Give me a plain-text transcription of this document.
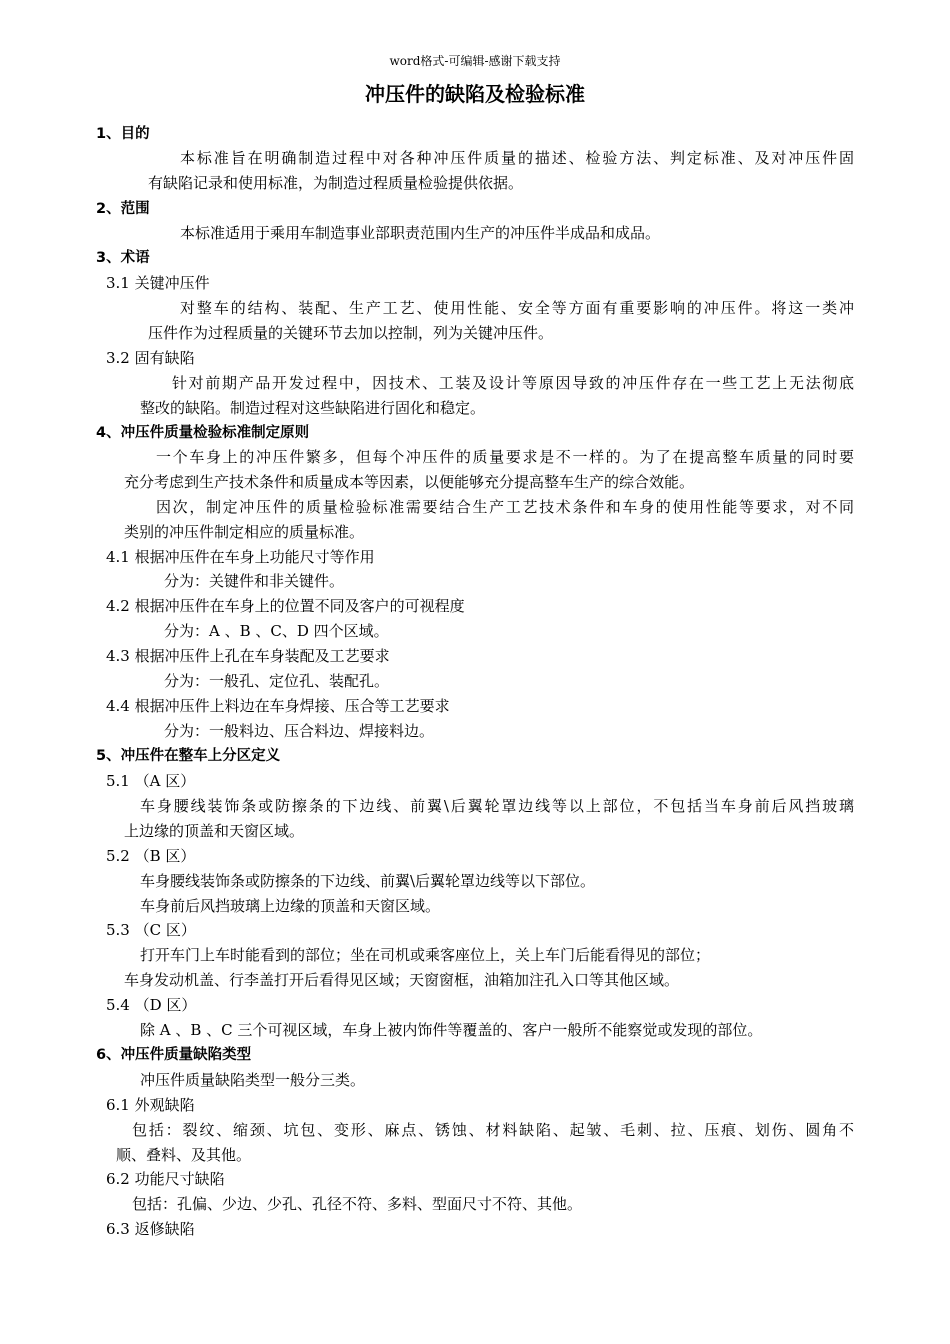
word格式-可编辑-感谢下载支持
冲压件的缺陷及检验标准
1、目的
本标准旨在明确制造过程中对各种冲压件质量的描述、检验方法、判定标准、及对冲压件固
有缺陷记录和使用标准，为制造过程质量检验提供依据。
2、范围
本标准适用于乘用车制造事业部职责范围内生产的冲压件半成品和成品。
3、术语
3.1 关键冲压件
对整车的结构、装配、生产工艺、使用性能、安全等方面有重要影响的冲压件。将这一类冲
压件作为过程质量的关键环节去加以控制，列为关键冲压件。
3.2 固有缺陷
针对前期产品开发过程中，因技术、工装及设计等原因导致的冲压件存在一些工艺上无法彻底
整改的缺陷。制造过程对这些缺陷进行固化和稳定。
4、冲压件质量检验标准制定原则
一个车身上的冲压件繁多，但每个冲压件的质量要求是不一样的。为了在提高整车质量的同时要
充分考虑到生产技术条件和质量成本等因素，以便能够充分提高整车生产的综合效能。
因次，制定冲压件的质量检验标准需要结合生产工艺技术条件和车身的使用性能等要求，对不同
类别的冲压件制定相应的质量标准。
4.1 根据冲压件在车身上功能尺寸等作用
分为：关键件和非关键件。
4.2 根据冲压件在车身上的位置不同及客户的可视程度
分为：A 、B 、C、D 四个区域。
4.3 根据冲压件上孔在车身装配及工艺要求
分为：一般孔、定位孔、装配孔。
4.4 根据冲压件上料边在车身焊接、压合等工艺要求
分为：一般料边、压合料边、焊接料边。
5、冲压件在整车上分区定义
5.1 （A 区）
车身腰线装饰条或防擦条的下边线、前翼\后翼轮罩边线等以上部位，不包括当车身前后风挡玻璃
上边缘的顶盖和天窗区域。
5.2 （B 区）
车身腰线装饰条或防擦条的下边线、前翼\后翼轮罩边线等以下部位。
车身前后风挡玻璃上边缘的顶盖和天窗区域。
5.3 （C 区）
打开车门上车时能看到的部位；坐在司机或乘客座位上，关上车门后能看得见的部位；
车身发动机盖、行李盖打开后看得见区域；天窗窗框，油箱加注孔入口等其他区域。
5.4 （D 区）
除 A 、B 、C 三个可视区域，车身上被内饰件等覆盖的、客户一般所不能察觉或发现的部位。
6、冲压件质量缺陷类型
冲压件质量缺陷类型一般分三类。
6.1 外观缺陷
包括：裂纹、缩颈、坑包、变形、麻点、锈蚀、材料缺陷、起皱、毛刺、拉、压痕、划伤、圆角不
顺、叠料、及其他。
6.2 功能尺寸缺陷
包括：孔偏、少边、少孔、孔径不符、多料、型面尺寸不符、其他。
6.3 返修缺陷
